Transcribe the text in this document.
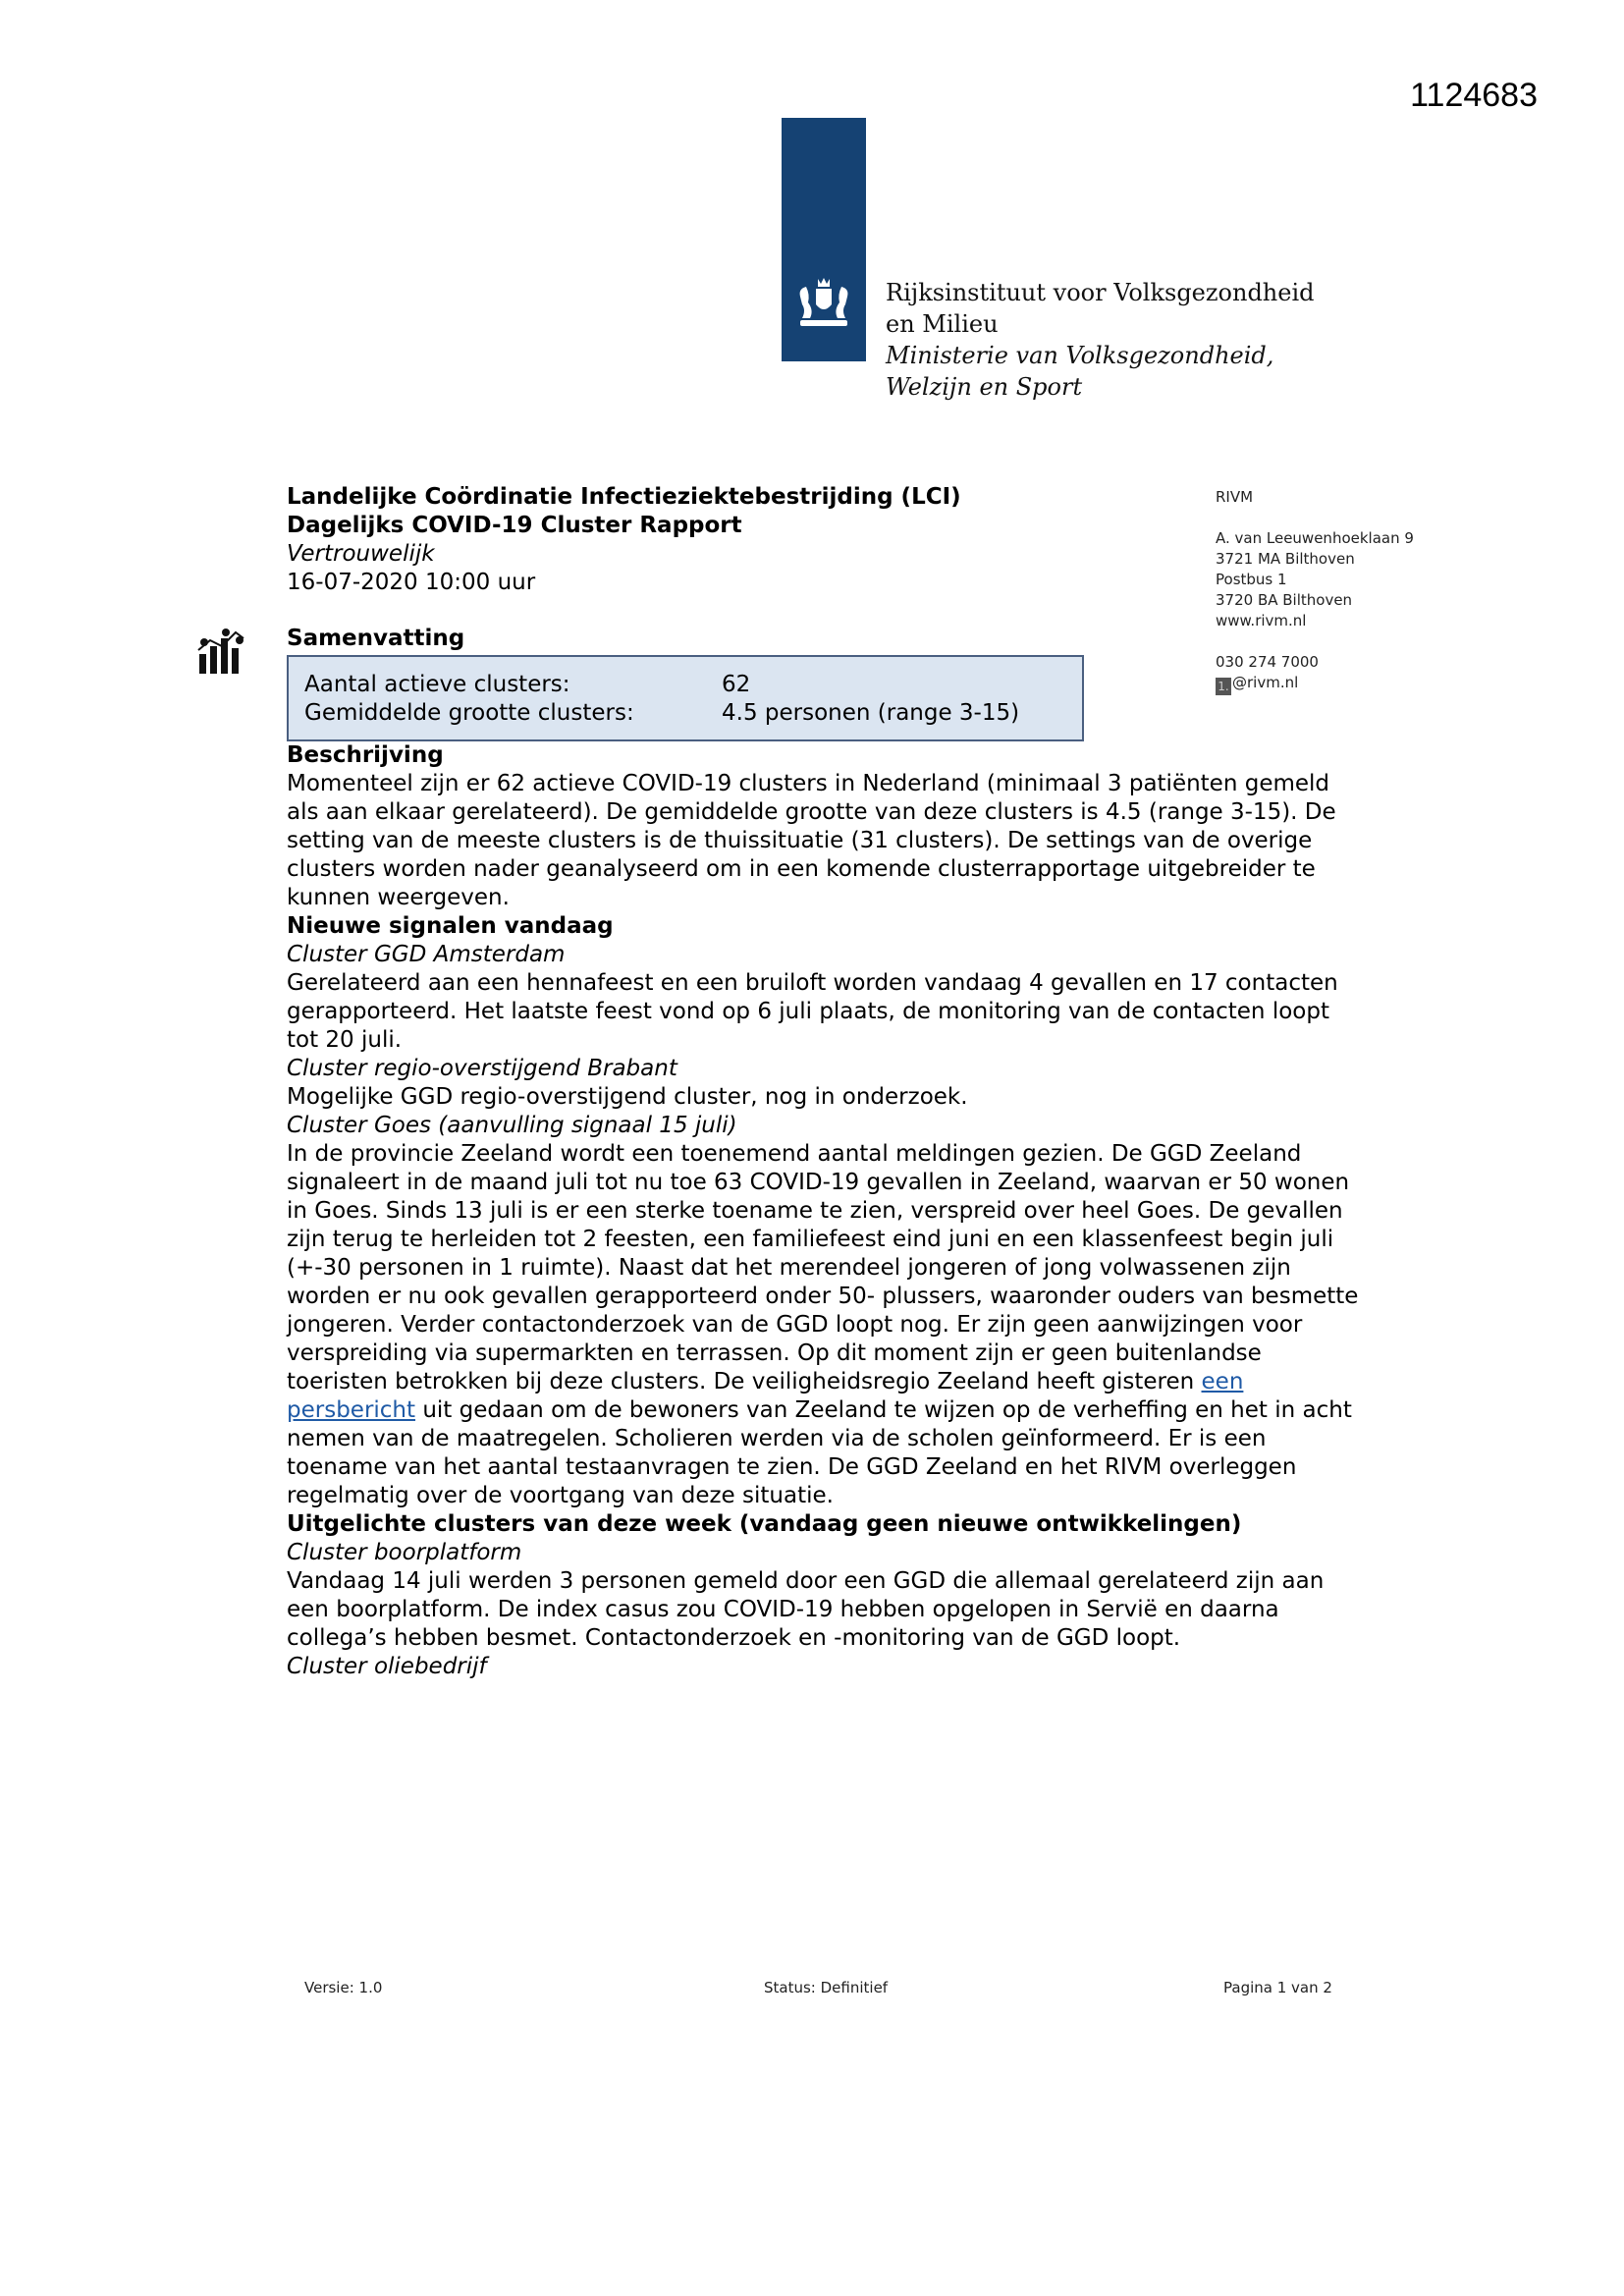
1124683
Rijksinstituut voor Volksgezondheid
en Milieu
Ministerie van Volksgezondheid,
Welzijn en Sport
Landelijke Coördinatie Infectieziektebestrijding (LCI)
Dagelijks COVID-19 Cluster Rapport
Vertrouwelijk
16-07-2020 10:00 uur
RIVM
A. van Leeuwenhoeklaan 9
3721 MA Bilthoven
Postbus 1
3720 BA Bilthoven
www.rivm.nl
030 274 7000
1. @rivm.nl
Samenvatting
Aantal actieve clusters:	62
Gemiddelde grootte clusters:	4.5 personen (range 3-15)
Beschrijving

Momenteel zijn er 62 actieve COVID-19 clusters in Nederland (minimaal 3 patiënten gemeld als aan elkaar gerelateerd). De gemiddelde grootte van deze clusters is 4.5 (range 3-15). De setting van de meeste clusters is de thuissituatie (31 clusters). De settings van de overige clusters worden nader geanalyseerd om in een komende clusterrapportage uitgebreider te kunnen weergeven.

Nieuwe signalen vandaag

Cluster GGD Amsterdam

Gerelateerd aan een hennafeest en een bruiloft worden vandaag 4 gevallen en 17 contacten gerapporteerd. Het laatste feest vond op 6 juli plaats, de monitoring van de contacten loopt tot 20 juli.

Cluster regio-overstijgend Brabant

Mogelijke GGD regio-overstijgend cluster, nog in onderzoek.

Cluster Goes (aanvulling signaal 15 juli)

In de provincie Zeeland wordt een toenemend aantal meldingen gezien. De GGD Zeeland signaleert in de maand juli tot nu toe 63 COVID-19 gevallen in Zeeland, waarvan er 50 wonen in Goes. Sinds 13 juli is er een sterke toename te zien, verspreid over heel Goes. De gevallen zijn terug te herleiden tot 2 feesten, een familiefeest eind juni en een klassenfeest begin juli (+-30 personen in 1 ruimte). Naast dat het merendeel jongeren of jong volwassenen zijn worden er nu ook gevallen gerapporteerd onder 50- plussers, waaronder ouders van besmette jongeren. Verder contactonderzoek van de GGD loopt nog. Er zijn geen aanwijzingen voor verspreiding via supermarkten en terrassen. Op dit moment zijn er geen buitenlandse toeristen betrokken bij deze clusters. De veiligheidsregio Zeeland heeft gisteren een persbericht uit gedaan om de bewoners van Zeeland te wijzen op de verheffing en het in acht nemen van de maatregelen. Scholieren werden via de scholen geïnformeerd. Er is een toename van het aantal testaanvragen te zien. De GGD Zeeland en het RIVM overleggen regelmatig over de voortgang van deze situatie.

Uitgelichte clusters van deze week (vandaag geen nieuwe ontwikkelingen)

Cluster boorplatform

Vandaag 14 juli werden 3 personen gemeld door een GGD die allemaal gerelateerd zijn aan een boorplatform. De index casus zou COVID-19 hebben opgelopen in Servië en daarna collega’s hebben besmet. Contactonderzoek en -monitoring van de GGD loopt.

Cluster oliebedrijf

Versie: 1.0	Status: Definitief	Pagina 1 van 2
